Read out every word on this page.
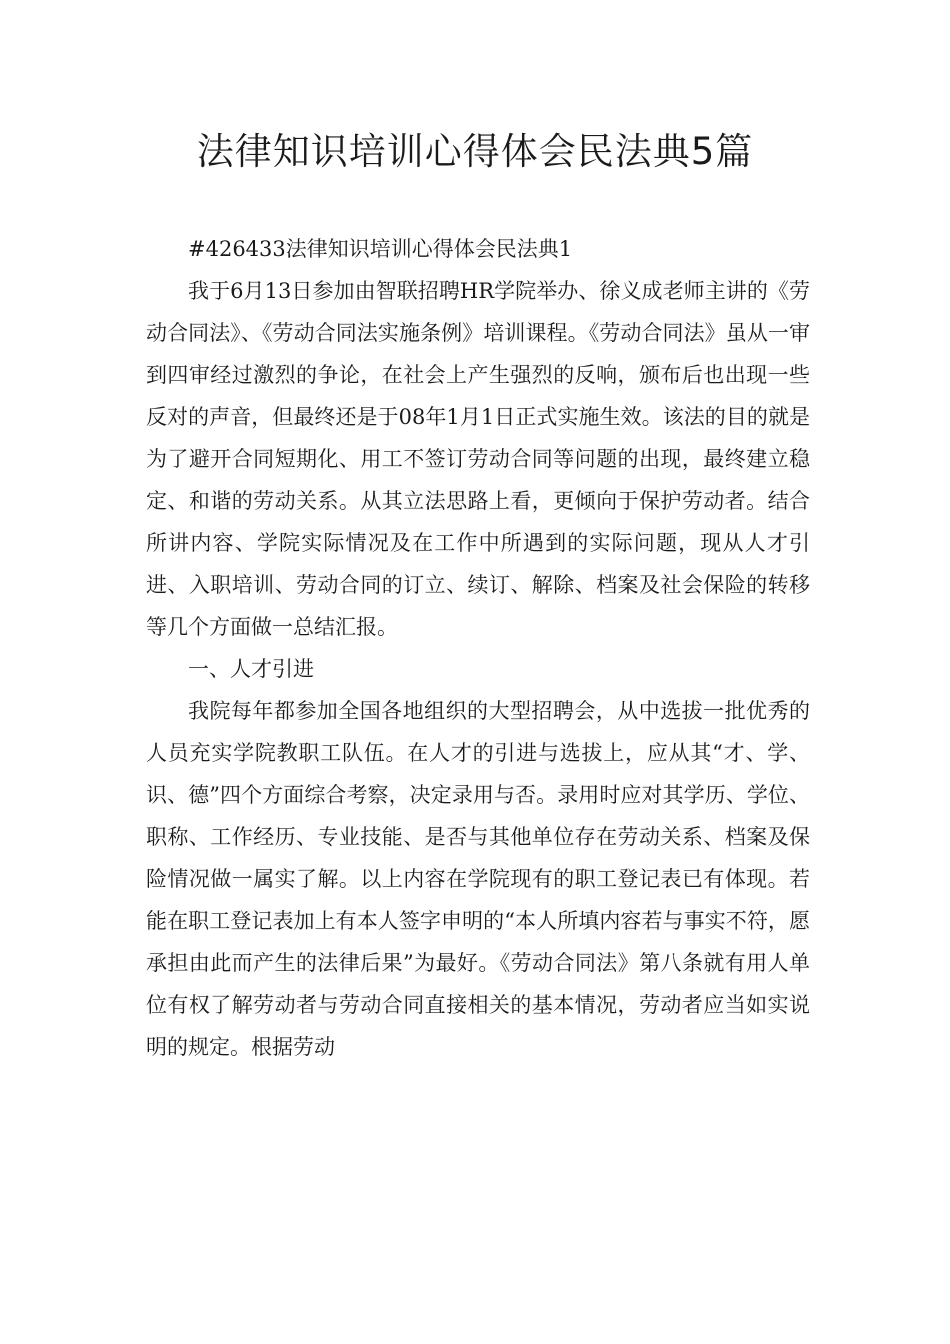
法律知识培训心得体会民法典5篇

#426433法律知识培训心得体会民法典1

我于6月13日参加由智联招聘HR学院举办、徐义成老师主讲的《劳动合同法》、《劳动合同法实施条例》培训课程。《劳动合同法》虽从一审到四审经过激烈的争论，在社会上产生强烈的反响，颁布后也出现一些反对的声音，但最终还是于08年1月1日正式实施生效。该法的目的就是为了避开合同短期化、用工不签订劳动合同等问题的出现，最终建立稳定、和谐的劳动关系。从其立法思路上看，更倾向于保护劳动者。结合所讲内容、学院实际情况及在工作中所遇到的实际问题，现从人才引进、入职培训、劳动合同的订立、续订、解除、档案及社会保险的转移等几个方面做一总结汇报。

一、人才引进

我院每年都参加全国各地组织的大型招聘会，从中选拔一批优秀的人员充实学院教职工队伍。在人才的引进与选拔上，应从其“才、学、识、德”四个方面综合考察，决定录用与否。录用时应对其学历、学位、职称、工作经历、专业技能、是否与其他单位存在劳动关系、档案及保险情况做一属实了解。以上内容在学院现有的职工登记表已有体现。若能在职工登记表加上有本人签字申明的“本人所填内容若与事实不符，愿承担由此而产生的法律后果”为最好。《劳动合同法》第八条就有用人单位有权了解劳动者与劳动合同直接相关的基本情况，劳动者应当如实说明的规定。根据劳动
